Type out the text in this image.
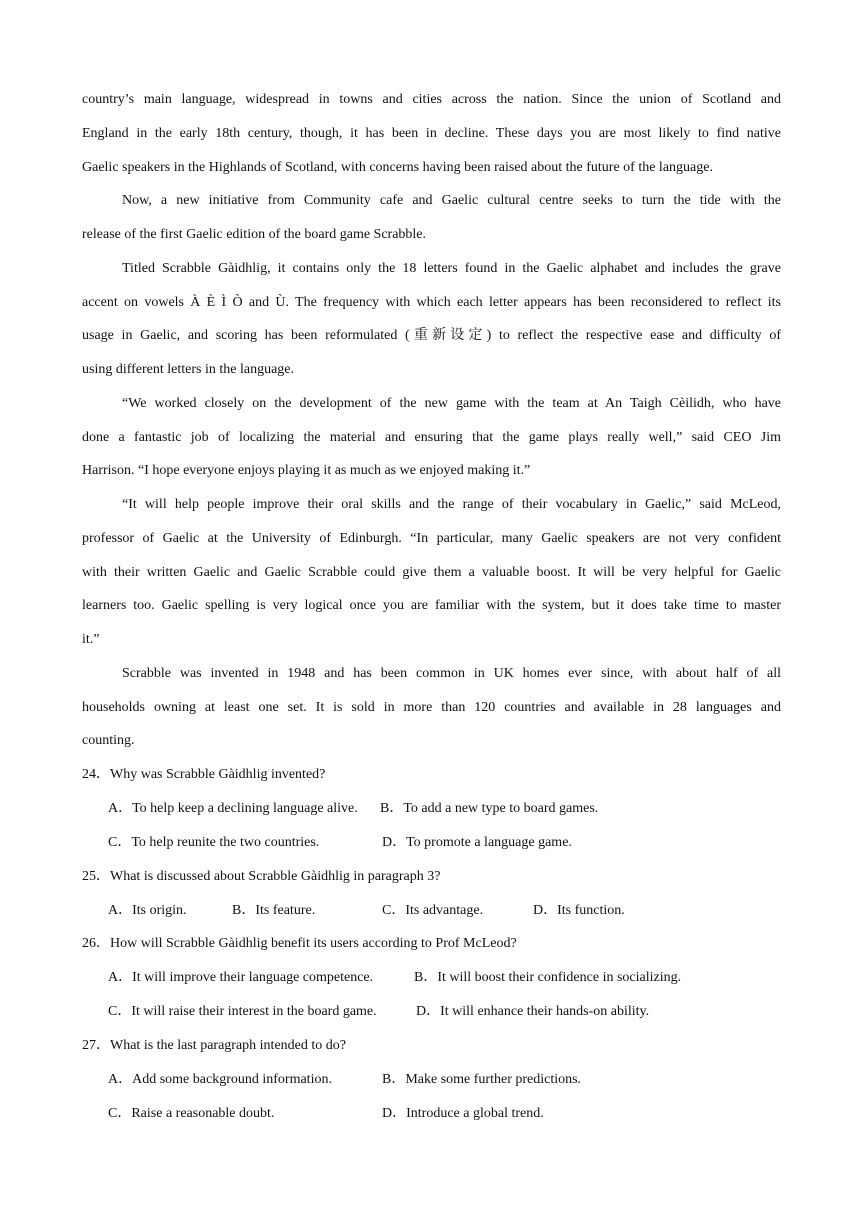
country’s main language, widespread in towns and cities across the nation. Since the union of Scotland and
England in the early 18th century, though, it has been in decline. These days you are most likely to find native
Gaelic speakers in the Highlands of Scotland, with concerns having been raised about the future of the language.
Now, a new initiative from Community cafe and Gaelic cultural centre seeks to turn the tide with the
release of the first Gaelic edition of the board game Scrabble.
Titled Scrabble Gàidhlig, it contains only the 18 letters found in the Gaelic alphabet and includes the grave
accent on vowels À È Ì Ò and Ù. The frequency with which each letter appears has been reconsidered to reflect its
usage in Gaelic, and scoring has been reformulated (重新设定) to reflect the respective ease and difficulty of
using different letters in the language.
“We worked closely on the development of the new game with the team at An Taigh Cèilidh, who have
done a fantastic job of localizing the material and ensuring that the game plays really well,” said CEO Jim
Harrison. “I hope everyone enjoys playing it as much as we enjoyed making it.”
“It will help people improve their oral skills and the range of their vocabulary in Gaelic,” said McLeod,
professor of Gaelic at the University of Edinburgh. “In particular, many Gaelic speakers are not very confident
with their written Gaelic and Gaelic Scrabble could give them a valuable boost. It will be very helpful for Gaelic
learners too. Gaelic spelling is very logical once you are familiar with the system, but it does take time to master
it.”
Scrabble was invented in 1948 and has been common in UK homes ever since, with about half of all
households owning at least one set. It is sold in more than 120 countries and available in 28 languages and
counting.
24．Why was Scrabble Gàidhlig invented?
A．To help keep a declining language alive. B．To add a new type to board games.
C．To help reunite the two countries.	D．To promote a language game.
25．What is discussed about Scrabble Gàidhlig in paragraph 3?
A．Its origin.	B．Its feature.	C．Its advantage.	D．Its function.
26．How will Scrabble Gàidhlig benefit its users according to Prof McLeod?
A．It will improve their language competence.	B．It will boost their confidence in socializing.
C．It will raise their interest in the board game.	D．It will enhance their hands-on ability.
27．What is the last paragraph intended to do?
A．Add some background information.	B．Make some further predictions.
C．Raise a reasonable doubt.	D．Introduce a global trend.
